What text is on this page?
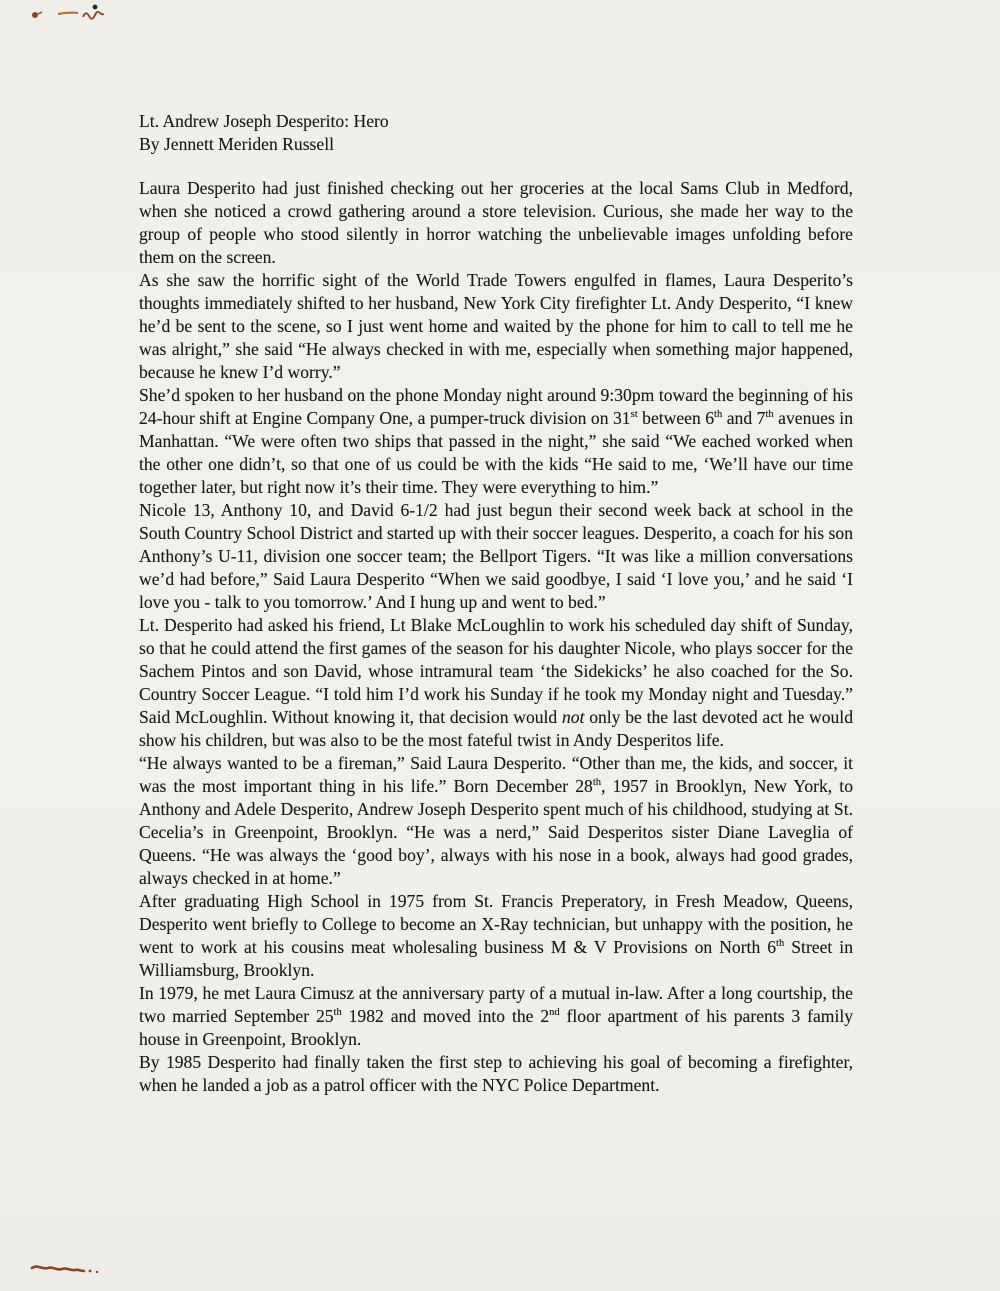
Lt. Andrew Joseph Desperito: Hero
By Jennett Meriden Russell

Laura Desperito had just finished checking out her groceries at the local Sams Club in Medford, when she noticed a crowd gathering around a store television. Curious, she made her way to the group of people who stood silently in horror watching the unbelievable images unfolding before them on the screen.

As she saw the horrific sight of the World Trade Towers engulfed in flames, Laura Desperito’s thoughts immediately shifted to her husband, New York City firefighter Lt. Andy Desperito, “I knew he’d be sent to the scene, so I just went home and waited by the phone for him to call to tell me he was alright,” she said “He always checked in with me, especially when something major happened, because he knew I’d worry.”

She’d spoken to her husband on the phone Monday night around 9:30pm toward the beginning of his 24-hour shift at Engine Company One, a pumper-truck division on 31st between 6th and 7th avenues in Manhattan. “We were often two ships that passed in the night,” she said “We eached worked when the other one didn’t, so that one of us could be with the kids “He said to me, ‘We’ll have our time together later, but right now it’s their time. They were everything to him.”

Nicole 13, Anthony 10, and David 6-1/2 had just begun their second week back at school in the South Country School District and started up with their soccer leagues. Desperito, a coach for his son Anthony’s U-11, division one soccer team; the Bellport Tigers. “It was like a million conversations we’d had before,” Said Laura Desperito “When we said goodbye, I said ‘I love you,’ and he said ‘I love you - talk to you tomorrow.’ And I hung up and went to bed.”

Lt. Desperito had asked his friend, Lt Blake McLoughlin to work his scheduled day shift of Sunday, so that he could attend the first games of the season for his daughter Nicole, who plays soccer for the Sachem Pintos and son David, whose intramural team ‘the Sidekicks’ he also coached for the So. Country Soccer League. “I told him I’d work his Sunday if he took my Monday night and Tuesday.” Said McLoughlin. Without knowing it, that decision would not only be the last devoted act he would show his children, but was also to be the most fateful twist in Andy Desperitos life.

“He always wanted to be a fireman,” Said Laura Desperito. “Other than me, the kids, and soccer, it was the most important thing in his life.” Born December 28th, 1957 in Brooklyn, New York, to Anthony and Adele Desperito, Andrew Joseph Desperito spent much of his childhood, studying at St. Cecelia’s in Greenpoint, Brooklyn. “He was a nerd,” Said Desperitos sister Diane Laveglia of Queens. “He was always the ‘good boy’, always with his nose in a book, always had good grades, always checked in at home.”

After graduating High School in 1975 from St. Francis Preperatory, in Fresh Meadow, Queens, Desperito went briefly to College to become an X-Ray technician, but unhappy with the position, he went to work at his cousins meat wholesaling business M & V Provisions on North 6th Street in Williamsburg, Brooklyn.

In 1979, he met Laura Cimusz at the anniversary party of a mutual in-law. After a long courtship, the two married September 25th 1982 and moved into the 2nd floor apartment of his parents 3 family house in Greenpoint, Brooklyn.

By 1985 Desperito had finally taken the first step to achieving his goal of becoming a firefighter, when he landed a job as a patrol officer with the NYC Police Department.
